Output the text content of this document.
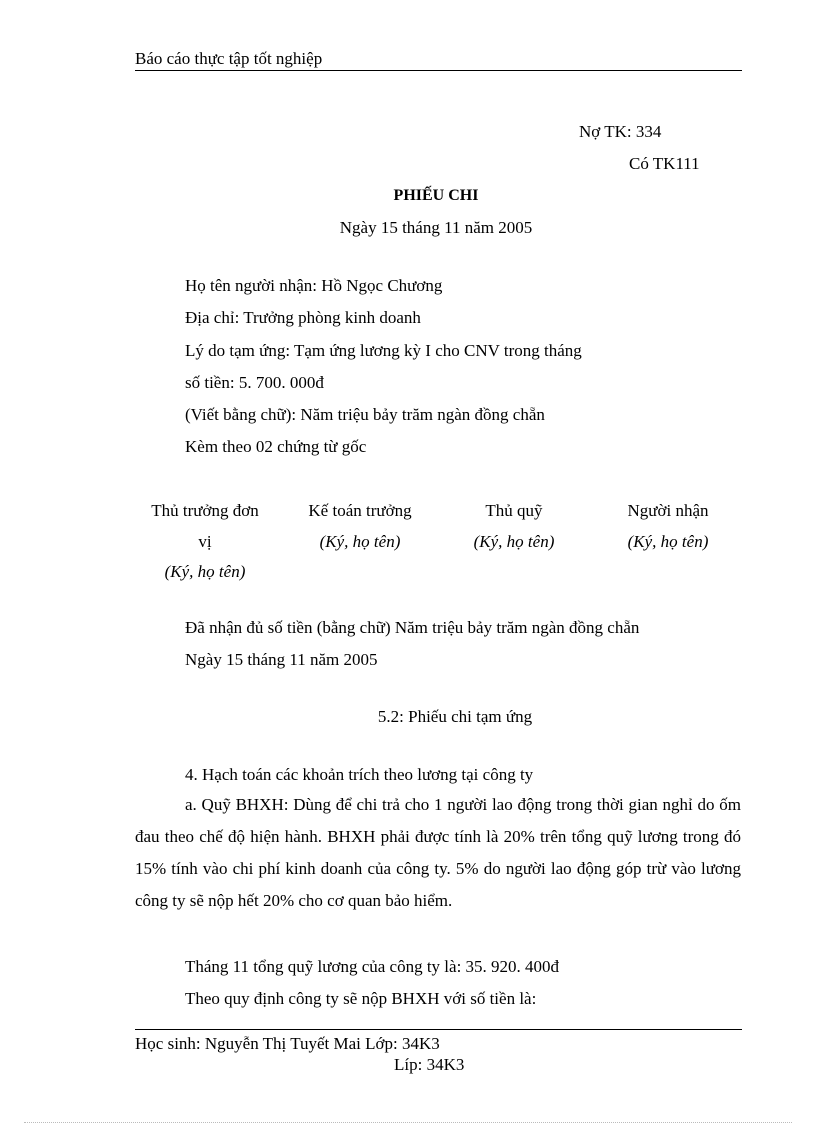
Báo cáo thực tập tốt nghiệp
Nợ TK: 334
Có TK111
PHIẾU CHI
Ngày 15 tháng 11 năm 2005
Họ tên người nhận: Hồ Ngọc Chương
Địa chỉ: Trưởng phòng kinh doanh
Lý do tạm ứng: Tạm ứng lương kỳ I cho CNV trong tháng
số tiền: 5. 700. 000đ
(Viết bằng chữ): Năm triệu bảy trăm ngàn đồng chẵn
Kèm theo 02 chứng từ gốc
Thủ trưởng đơn
vị
(Ký, họ tên)
Kế toán trưởng
(Ký, họ tên)
Thủ quỹ
(Ký, họ tên)
Người nhận
(Ký, họ tên)
Đã nhận đủ số tiền (bằng chữ) Năm triệu bảy trăm ngàn đồng chẵn
Ngày 15 tháng 11 năm 2005
5.2: Phiếu chi tạm ứng
4. Hạch toán các khoản trích theo lương tại công ty
a. Quỹ BHXH: Dùng để chi trả cho 1 người lao động trong thời gian nghỉ do ốm đau theo chế độ hiện hành. BHXH phải được tính là 20% trên tổng quỹ lương trong đó 15% tính vào chi phí kinh doanh của công ty. 5% do người lao động góp trừ vào lương công ty sẽ nộp hết 20% cho cơ quan bảo hiểm.
Tháng 11 tổng quỹ lương của công ty là: 35. 920. 400đ
Theo quy định công ty sẽ nộp BHXH với số tiền là:
Học sinh: Nguyễn Thị Tuyết Mai Lớp: 34K3
Líp: 34K3
